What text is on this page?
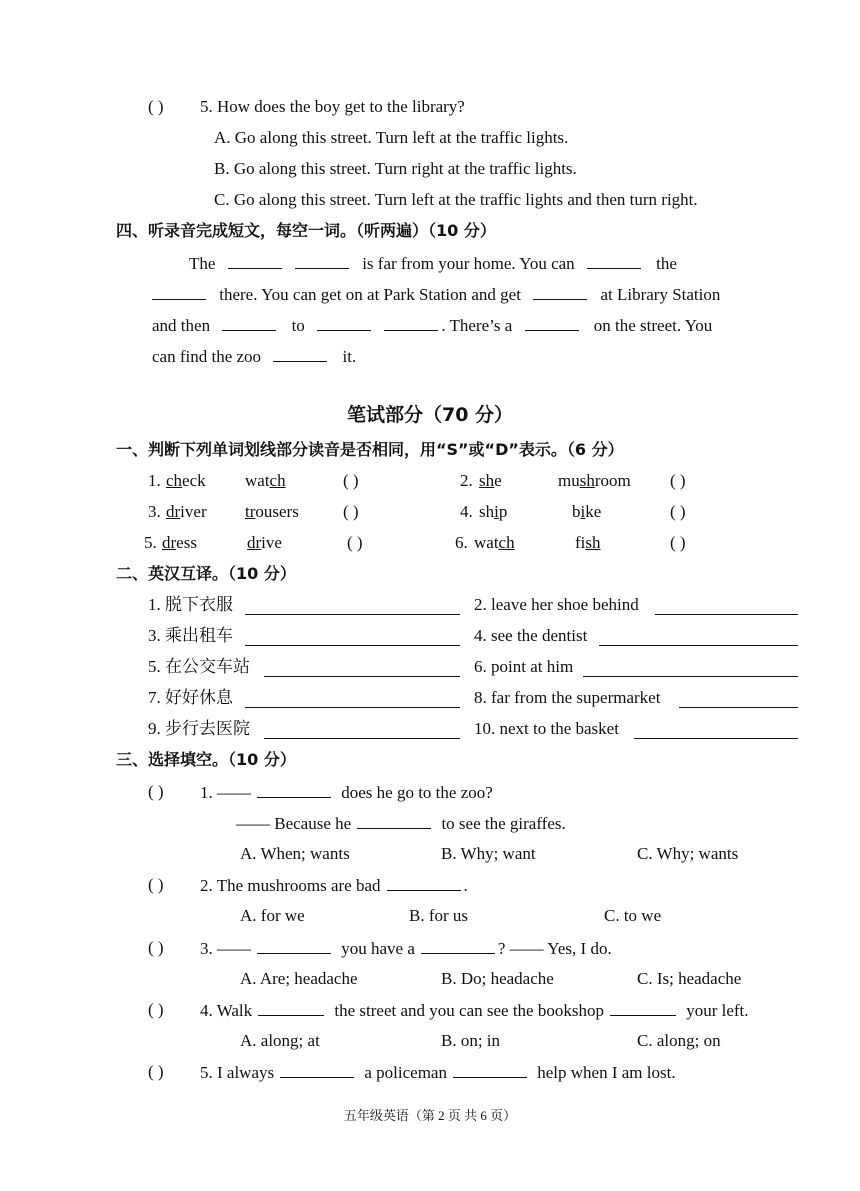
( ) 5. How does the boy get to the library?
A. Go along this street. Turn left at the traffic lights.
B. Go along this street. Turn right at the traffic lights.
C. Go along this street. Turn left at the traffic lights and then turn right.
四、听录音完成短文，每空一词。（听两遍）（10 分）
The	is far from your home. You can	the
there. You can get on at Park Station and get	at Library Station
and then	to	. There’s a	on the street. You
can find the zoo	it.
笔试部分（70 分）
一、判断下列单词划线部分读音是否相同，用“S”或“D”表示。（6 分）
1. check watch	( )	2. she	mushroom ( )
3. driver trousers	( )	4. ship	bike	( )
5. dress	drive	( )	6. watch	fish	( )
二、英汉互译。（10 分）
1. 脱下衣服	2. leave her shoe behind
3. 乘出租车	4. see the dentist
5. 在公交车站	6. point at him
7. 好好休息	8. far from the supermarket
9. 步行去医院	10. next to the basket
三、选择填空。（10 分）
( ) 1. ——	does he go to the zoo?
—— Because he	to see the giraffes.
A. When; wants	B. Why; want	C. Why; wants
( ) 2. The mushrooms are bad	.
A. for we	B. for us	C. to we
( ) 3. ——	you have a	? —— Yes, I do.
A. Are; headache	B. Do; headache	C. Is; headache
( ) 4. Walk	the street and you can see the bookshop	your left.
A. along; at	B. on; in	C. along; on
( ) 5. I always	a policeman	help when I am lost.
五年级英语（第 2 页 共 6 页）
